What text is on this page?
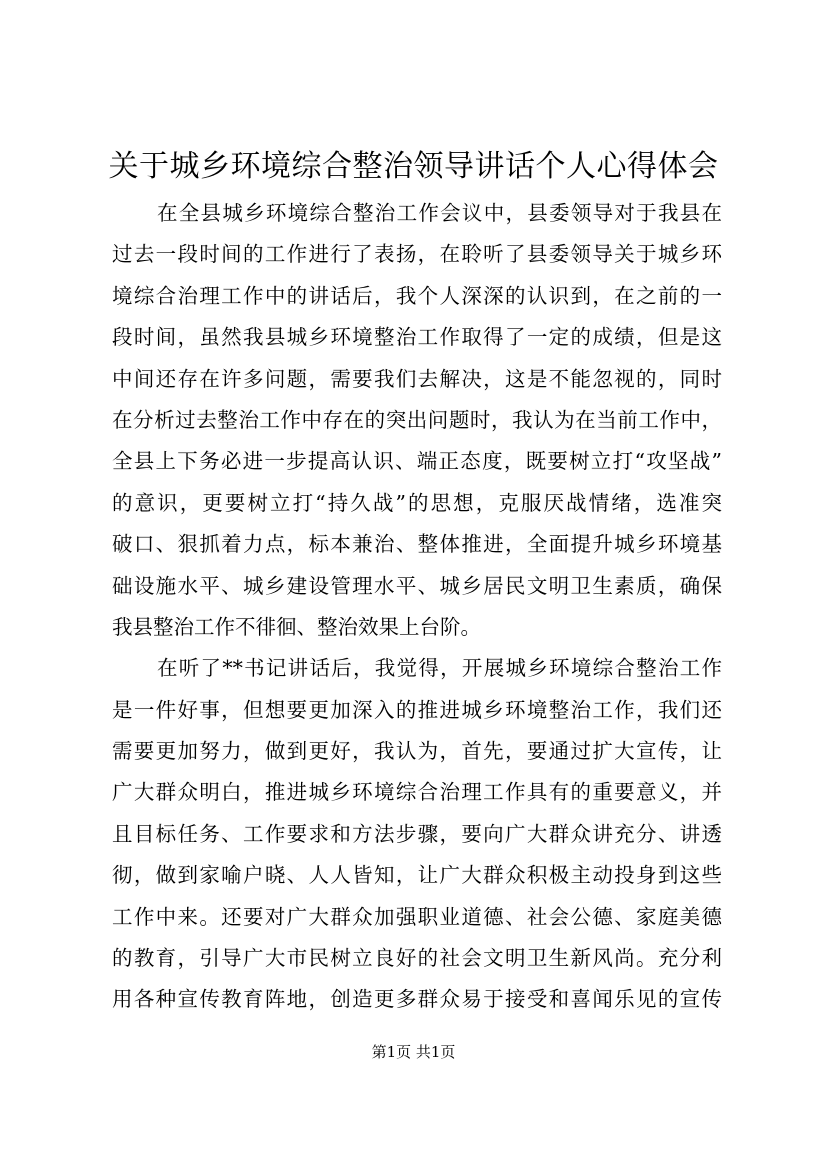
关于城乡环境综合整治领导讲话个人心得体会
在全县城乡环境综合整治工作会议中，县委领导对于我县在
过去一段时间的工作进行了表扬，在聆听了县委领导关于城乡环
境综合治理工作中的讲话后，我个人深深的认识到，在之前的一
段时间，虽然我县城乡环境整治工作取得了一定的成绩，但是这
中间还存在许多问题，需要我们去解决，这是不能忽视的，同时
在分析过去整治工作中存在的突出问题时，我认为在当前工作中，
全县上下务必进一步提高认识、端正态度，既要树立打“攻坚战”
的意识，更要树立打“持久战”的思想，克服厌战情绪，选准突
破口、狠抓着力点，标本兼治、整体推进，全面提升城乡环境基
础设施水平、城乡建设管理水平、城乡居民文明卫生素质，确保
我县整治工作不徘徊、整治效果上台阶。
在听了**书记讲话后，我觉得，开展城乡环境综合整治工作
是一件好事，但想要更加深入的推进城乡环境整治工作，我们还
需要更加努力，做到更好，我认为，首先，要通过扩大宣传，让
广大群众明白，推进城乡环境综合治理工作具有的重要意义，并
且目标任务、工作要求和方法步骤，要向广大群众讲充分、讲透
彻，做到家喻户晓、人人皆知，让广大群众积极主动投身到这些
工作中来。还要对广大群众加强职业道德、社会公德、家庭美德
的教育，引导广大市民树立良好的社会文明卫生新风尚。充分利
用各种宣传教育阵地，创造更多群众易于接受和喜闻乐见的宣传
第1页 共1页
